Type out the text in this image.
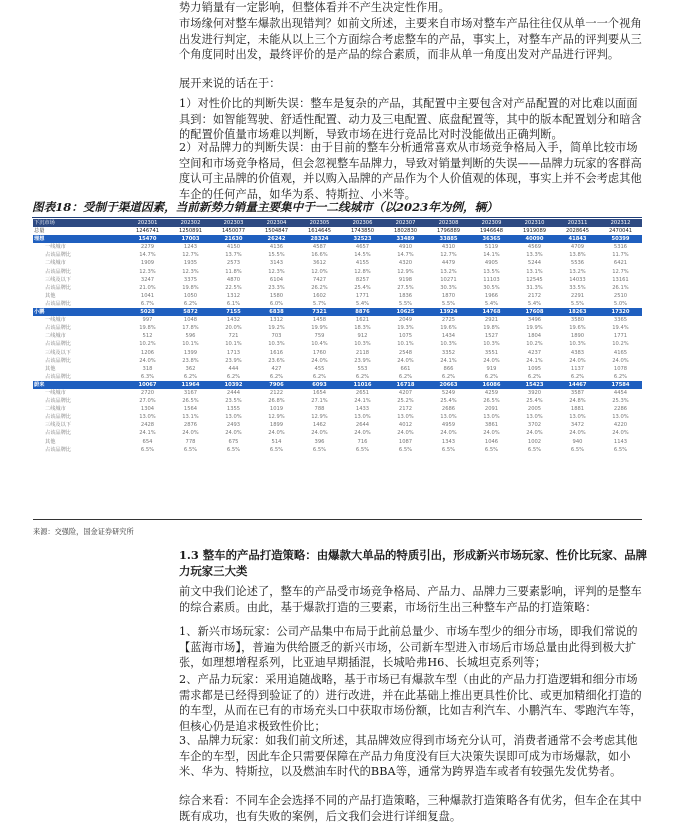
势力销量有一定影响，但整体看并不产生决定性作用。
市场缘何对整车爆款出现错判？如前文所述，主要来自市场对整车产品往往仅从单一一个视角出发进行判定，未能从以上三个方面综合考虑整车的产品，事实上，对整车产品的评判要从三个角度同时出发，最终评价的是产品的综合素质，而非从单一角度出发对产品进行评判。
展开来说的话在于：
1）对性价比的判断失误：整车是复杂的产品，其配置中主要包含对产品配置的对比难以面面具到：如智能驾驶、舒适性配置、动力及三电配置、底盘配置等，其中的版本配置划分和暗含的配置价值量市场难以判断，导致市场在进行竞品比对时没能做出正确判断。
2）对品牌力的判断失误：由于目前的整车分析通常喜欢从市场竞争格局入手，简单比较市场空间和市场竞争格局，但会忽视整车品牌力，导致对销量判断的失误——品牌力玩家的客群高度认可主品牌的价值观，并以购入品牌的产品作为个人价值观的体现，事实上并不会考虑其他车企的任何产品，如华为系、特斯拉、小米等。
图表18：受制于渠道因素，当前新势力销量主要集中于一二线城市（以2023年为例，辆）
下沉市场	202301	202302	202303	202304	202305	202306	202307	202308	202309	202310	202311	202312
总量	1246741	1250891	1450077	1504847	1614645	1743850	1802830	1796889	1946648	1919089	2028645	2470041
理想	15470	17003	21630	26242	28324	32523	33489	33885	36365	40090	41843	50399
一线城市	2279	1243	4150	4136	4587	4657	4910	4310	5119	4569	4709	5316
占该品牌比	14.7%	12.7%	13.7%	15.5%	16.6%	14.5%	14.7%	12.7%	14.1%	13.3%	13.8%	11.7%
二线城市	1909	1935	2573	3143	3612	4155	4320	4479	4905	5244	5536	6421
占该品牌比	12.3%	12.3%	11.8%	12.3%	12.0%	12.8%	12.9%	13.2%	13.5%	13.1%	13.2%	12.7%
三线及以下	3247	3375	4870	6104	7427	8257	9198	10271	11103	12545	14033	13161
占该品牌比	21.0%	19.8%	22.5%	23.3%	26.2%	25.4%	27.5%	30.3%	30.5%	31.3%	33.5%	26.1%
其他	1041	1050	1312	1580	1602	1771	1836	1870	1966	2172	2291	2510
占该品牌比	6.7%	6.2%	6.1%	6.0%	5.7%	5.4%	5.5%	5.5%	5.4%	5.4%	5.5%	5.0%
小鹏	5028	5872	7155	6838	7321	8876	10625	13924	14768	17608	18263	17320
一线城市	997	1048	1432	1312	1458	1621	2049	2725	2921	3496	3580	3365
占该品牌比	19.8%	17.8%	20.0%	19.2%	19.9%	18.3%	19.3%	19.6%	19.8%	19.9%	19.6%	19.4%
二线城市	512	596	721	703	759	912	1075	1434	1527	1804	1890	1771
占该品牌比	10.2%	10.1%	10.1%	10.3%	10.4%	10.3%	10.1%	10.3%	10.3%	10.2%	10.3%	10.2%
三线及以下	1206	1399	1713	1616	1760	2118	2548	3352	3551	4237	4383	4165
占该品牌比	24.0%	23.8%	23.9%	23.6%	24.0%	23.9%	24.0%	24.1%	24.0%	24.1%	24.0%	24.0%
其他	318	362	444	427	455	553	661	866	919	1095	1137	1078
占该品牌比	6.3%	6.2%	6.2%	6.2%	6.2%	6.2%	6.2%	6.2%	6.2%	6.2%	6.2%	6.2%
蔚来	10067	11964	10392	7906	6093	11016	16718	20663	16086	15423	14467	17584
一线城市	2720	3167	2444	2122	1654	2651	4207	5249	4259	3920	3587	4454
占该品牌比	27.0%	26.5%	23.5%	26.8%	27.1%	24.1%	25.2%	25.4%	26.5%	25.4%	24.8%	25.3%
二线城市	1304	1564	1355	1019	788	1433	2172	2686	2091	2005	1881	2286
占该品牌比	13.0%	13.1%	13.0%	12.9%	12.9%	13.0%	13.0%	13.0%	13.0%	13.0%	13.0%	13.0%
三线及以下	2428	2876	2493	1899	1462	2644	4012	4959	3861	3702	3472	4220
占该品牌比	24.1%	24.0%	24.0%	24.0%	24.0%	24.0%	24.0%	24.0%	24.0%	24.0%	24.0%	24.0%
其他	654	778	675	514	396	716	1087	1343	1046	1002	940	1143
占该品牌比	6.5%	6.5%	6.5%	6.5%	6.5%	6.5%	6.5%	6.5%	6.5%	6.5%	6.5%	6.5%
来源：交强险，国金证券研究所
1.3 整车的产品打造策略：由爆款大单品的特质引出，形成新兴市场玩家、性价比玩家、品牌力玩家三大类
前文中我们论述了，整车的产品受市场竞争格局、产品力、品牌力三要素影响，评判的是整车的综合素质。由此，基于爆款打造的三要素，市场衍生出三种整车产品的打造策略：
1、新兴市场玩家：公司产品集中布局于此前总量少、市场车型少的细分市场，即我们常说的【蓝海市场】，普遍为供给匮乏的新兴市场，公司新车型进入市场后市场总量由此得到极大扩张，如理想增程系列，比亚迪早期插混，长城哈弗H6、长城坦克系列等；
2、产品力玩家：采用追随战略，基于市场已有爆款车型（由此的产品力打造逻辑和细分市场需求都是已经得到验证了的）进行改进，并在此基础上推出更具性价比、或更加精细化打造的的车型，从而在已有的市场充头口中获取市场份额，比如吉利汽车、小鹏汽车、零跑汽车等，但核心仍是追求极致性价比；
3、品牌力玩家：如我们前文所述，其品牌效应得到市场充分认可，消费者通常不会考虑其他车企的车型，因此车企只需要保障在产品力角度没有巨大决策失误即可成为市场爆款，如小米、华为、特斯拉，以及燃油车时代的BBA等，通常为跨界造车或者有较强先发优势者。
综合来看：不同车企会选择不同的产品打造策略，三种爆款打造策略各有优劣，但车企在其中既有成功，也有失败的案例，后文我们会进行详细复盘。
